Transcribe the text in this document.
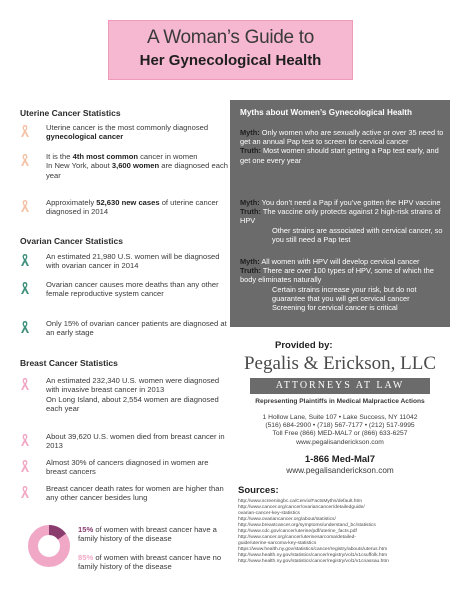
A Woman’s Guide to
Her Gynecological Health
Uterine Cancer Statistics
Uterine cancer is the most commonly diagnosed gynecological cancer
It is the 4th most common cancer in women
In New York, about 3,600 women are diagnosed each year
Approximately 52,630 new cases of uterine cancer diagnosed in 2014
Ovarian Cancer Statistics
An estimated 21,980 U.S. women will be diagnosed with ovarian cancer in 2014
Ovarian cancer causes more deaths than any other female reproductive system cancer
Only 15% of ovarian cancer patients are diagnosed at an early stage
Breast Cancer Statistics
An estimated 232,340 U.S. women were diagnosed with invasive breast cancer in 2013
On Long Island, about 2,554 women are diagnosed each year
About 39,620 U.S. women died from breast cancer in 2013
Almost 30% of cancers diagnosed in women are breast cancers
Breast cancer death rates for women are higher than any other cancer besides lung
15% of women with breast cancer have a family history of the disease
85% of women with breast cancer have no family history of the disease
Myths about Women’s Gynecological Health
Myth: Only women who are sexually active or over 35 need to get an annual Pap test to screen for cervical cancer
Truth: Most women should start getting a Pap test early, and get one every year
Myth: You don’t need a Pap if you’ve gotten the HPV vaccine
Truth: The vaccine only protects against 2 high-risk strains of HPV
Other strains are associated with cervical cancer, so you still need a Pap test
Myth: All women with HPV will develop cervical cancer
Truth: There are over 100 types of HPV, some of which the body eliminates naturally
Certain strains increase your risk, but do not guarantee that you will get cervical cancer
Screening for cervical cancer is critical
Provided by:
Pegalis & Erickson, LLC
ATTORNEYS AT LAW
Representing Plaintiffs in Medical Malpractice Actions
1 Hollow Lane, Suite 107 • Lake Success, NY 11042
(516) 684-2900 • (718) 567-7177 • (212) 517-9995
Toll Free (866) MED-MAL7 or (866) 633-6257
www.pegalisanderickson.com
1-866 Med-Mal7
www.pegalisanderickson.com
Sources:
http://www.screeningbc.ca/Cervix/FactsMyths/default.htm
http://www.cancer.org/cancer/ovariancancer/detailedguide/
ovarian-cancer-key-statistics
http://www.ovariancancer.org/about/statistics/
http://www.breastcancer.org/symptoms/understand_bc/statistics
http://www.cdc.gov/cancer/uterine/pdf/uterine_facts.pdf
http://www.cancer.org/cancer/uterinesarcoma/detailed-
guide/uterine-sarcoma-key-statistics
https://www.health.ny.gov/statistics/cancer/registry/abouts/uterus.htm
http://www.health.ny.gov/statistics/cancer/registry/vol1/v1csuffolk.htm
http://www.health.ny.gov/statistics/cancer/registry/vol1/v1cnassau.htm
